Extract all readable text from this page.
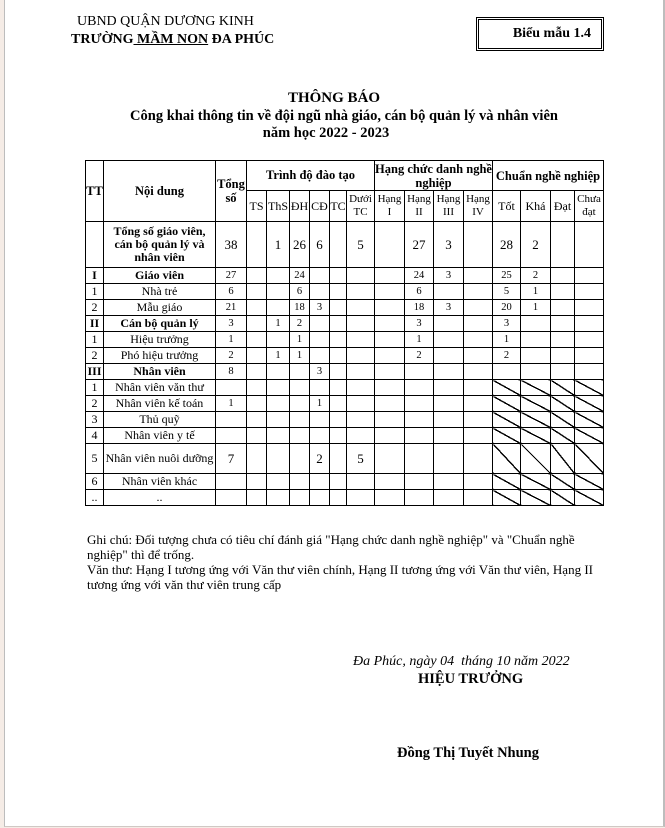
UBND QUẬN DƯƠNG KINH
TRƯỜNG MẦM NON ĐA PHÚC	Biểu mẫu 1.4
THÔNG BÁO
Công khai thông tin về đội ngũ nhà giáo, cán bộ quản lý và nhân viên
năm học 2022 - 2023
TT	Nội dung	Tổng số	Trình độ đào tạo						Hạng chức danh nghề nghiệp				Chuẩn nghề nghiệp			
			TS	ThS	ĐH	CĐ	TC	Dưới TC	Hạng I	Hạng II	Hạng III	Hạng IV	Tốt	Khá	Đạt	Chưa đạt
	Tổng số giáo viên, cán bộ quản lý và nhân viên	38		1	26	6		5		27	3		28	2		
I	Giáo viên	27			24					24	3		25	2		
1	Nhà trẻ	6			6					6			5	1		
2	Mẫu giáo	21			18	3				18	3		20	1		
II	Cán bộ quản lý	3		1	2					3			3			
1	Hiệu trưởng	1			1					1			1			
2	Phó hiệu trưởng	2		1	1					2			2			
III	Nhân viên	8				3										
1	Nhân viên văn thư															
2	Nhân viên kế toán	1				1										
3	Thủ quỹ															
4	Nhân viên y tế															
5	Nhân viên nuôi dưỡng	7				2		5								
6	Nhân viên khác															
..	..															
Ghi chú: Đối tượng chưa có tiêu chí đánh giá "Hạng chức danh nghề nghiệp" và "Chuẩn nghề nghiệp" thì để trống.
Văn thư: Hạng I tương ứng với Văn thư viên chính, Hạng II tương ứng với Văn thư viên, Hạng II tương ứng với văn thư viên trung cấp
Đa Phúc, ngày 04  tháng 10 năm 2022
HIỆU TRƯỞNG
Đồng Thị Tuyết Nhung
